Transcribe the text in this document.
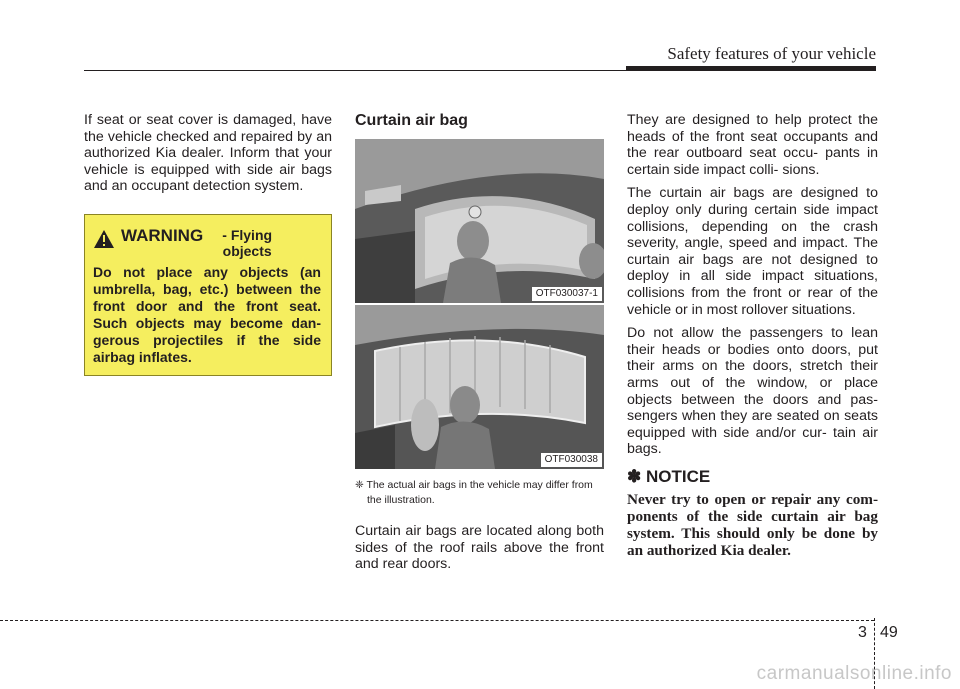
Safety features of your vehicle

If seat or seat cover is damaged, have the vehicle checked and repaired by an authorized Kia dealer. Inform that your vehicle is equipped with side air bags and an occupant detection system.

WARNING	- Flying objects

Do not place any objects (an umbrella, bag, etc.) between the front door and the front seat. Such objects may become dan- gerous projectiles if the side airbag inflates.

Curtain air bag
OTF030037-1
OTF030038

❈ The actual air bags in the vehicle may differ from the illustration.

Curtain air bags are located along both sides of the roof rails above the front and rear doors.

They are designed to help protect the heads of the front seat occupants and the rear outboard seat occu- pants in certain side impact colli- sions.

The curtain air bags are designed to deploy only during certain side impact collisions, depending on the crash severity, angle, speed and impact. The curtain air bags are not designed to deploy in all side impact situations, collisions from the front or rear of the vehicle or in most rollover situations.

Do not allow the passengers to lean their heads or bodies onto doors, put their arms on the doors, stretch their arms out of the window, or place objects between the doors and pas- sengers when they are seated on seats equipped with side and/or cur- tain air bags.

✽ NOTICE

Never try to open or repair any com- ponents of the side curtain air bag system. This should only be done by an authorized Kia dealer.

3 49
carmanualsonline.info
